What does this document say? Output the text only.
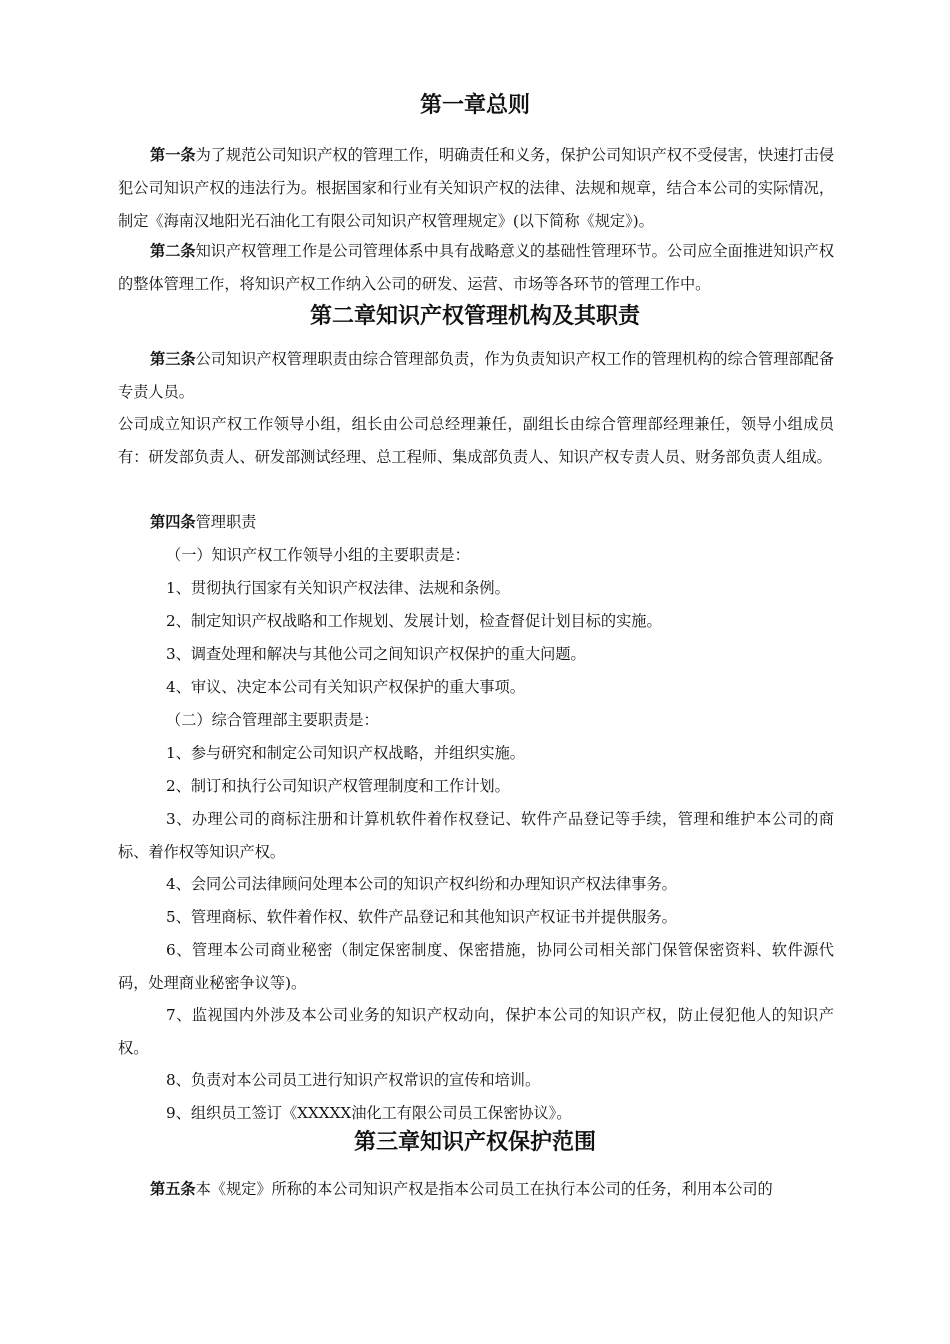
第一章总则

第一条为了规范公司知识产权的管理工作，明确责任和义务，保护公司知识产权不受侵害，快速打击侵犯公司知识产权的违法行为。根据国家和行业有关知识产权的法律、法规和规章，结合本公司的实际情况，制定《海南汉地阳光石油化工有限公司知识产权管理规定》(以下简称《规定》)。

第二条知识产权管理工作是公司管理体系中具有战略意义的基础性管理环节。公司应全面推进知识产权的整体管理工作，将知识产权工作纳入公司的研发、运营、市场等各环节的管理工作中。

第二章知识产权管理机构及其职责

第三条公司知识产权管理职责由综合管理部负责，作为负责知识产权工作的管理机构的综合管理部配备专责人员。

公司成立知识产权工作领导小组，组长由公司总经理兼任，副组长由综合管理部经理兼任，领导小组成员有：研发部负责人、研发部测试经理、总工程师、集成部负责人、知识产权专责人员、财务部负责人组成。

第四条管理职责

（一）知识产权工作领导小组的主要职责是：

1、贯彻执行国家有关知识产权法律、法规和条例。

2、制定知识产权战略和工作规划、发展计划，检查督促计划目标的实施。

3、调查处理和解决与其他公司之间知识产权保护的重大问题。

4、审议、决定本公司有关知识产权保护的重大事项。

（二）综合管理部主要职责是：

1、参与研究和制定公司知识产权战略，并组织实施。

2、制订和执行公司知识产权管理制度和工作计划。

3、办理公司的商标注册和计算机软件着作权登记、软件产品登记等手续，管理和维护本公司的商标、着作权等知识产权。

4、会同公司法律顾问处理本公司的知识产权纠纷和办理知识产权法律事务。

5、管理商标、软件着作权、软件产品登记和其他知识产权证书并提供服务。

6、管理本公司商业秘密（制定保密制度、保密措施，协同公司相关部门保管保密资料、软件源代码，处理商业秘密争议等)。

7、监视国内外涉及本公司业务的知识产权动向，保护本公司的知识产权，防止侵犯他人的知识产权。

8、负责对本公司员工进行知识产权常识的宣传和培训。

9、组织员工签订《XXXXX油化工有限公司员工保密协议》。

第三章知识产权保护范围

第五条本《规定》所称的本公司知识产权是指本公司员工在执行本公司的任务，利用本公司的
